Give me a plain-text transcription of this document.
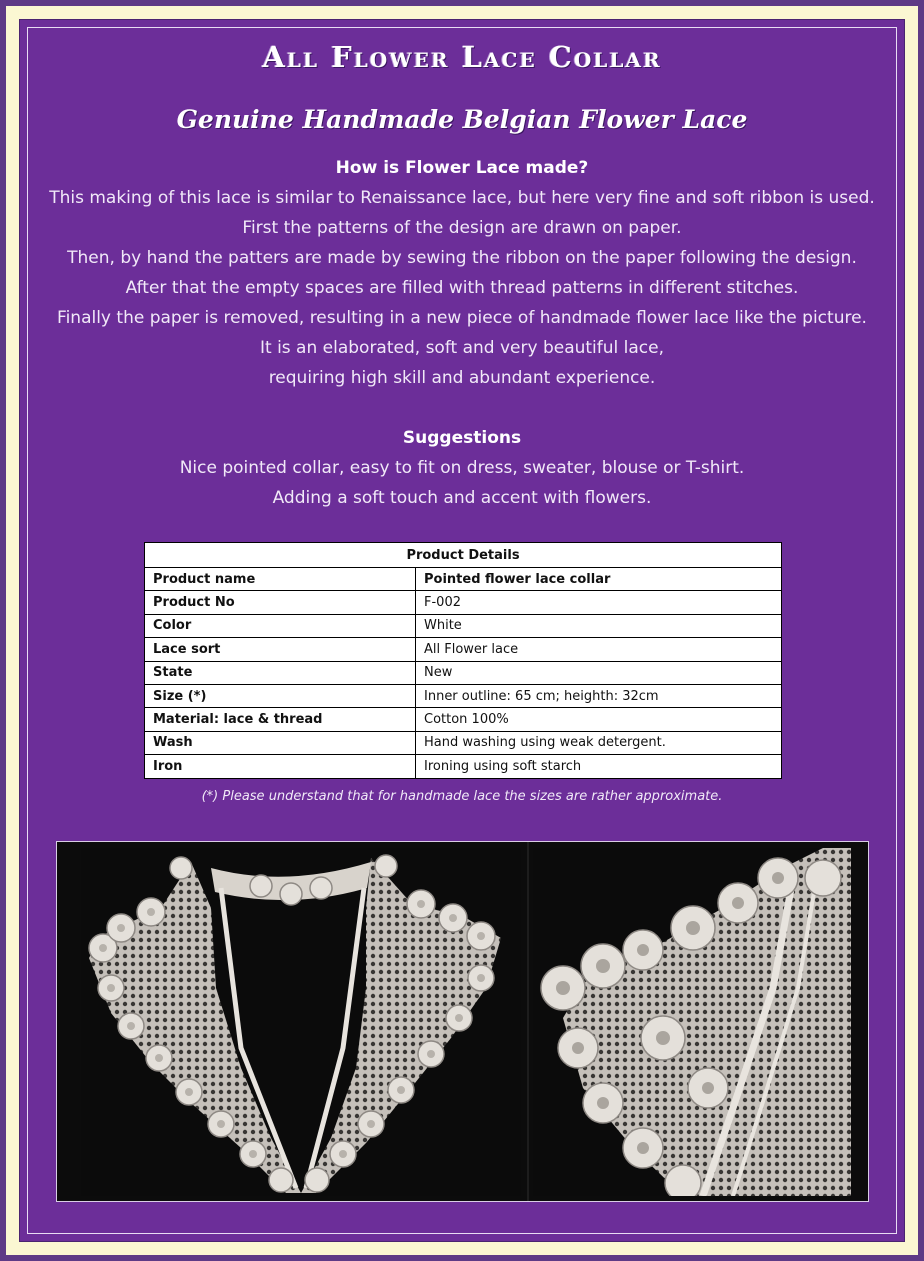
All Flower Lace Collar
Genuine Handmade Belgian Flower Lace
How is Flower Lace made?
This making of this lace is similar to Renaissance lace, but here very fine and soft ribbon is used.
First the patterns of the design are drawn on paper.
Then, by hand the patters are made by sewing the ribbon on the paper following the design.
After that the empty spaces are filled with thread patterns in different stitches.
Finally the paper is removed, resulting in a new piece of handmade flower lace like the picture.
It is an elaborated, soft and very beautiful lace,
requiring high skill and abundant experience.
Suggestions
Nice pointed collar, easy to fit on dress, sweater, blouse or T-shirt.
Adding a soft touch and accent with flowers.
Product Details	
Product name	Pointed flower lace collar
Product No	F-002
Color	White
Lace sort	All Flower lace
State	New
Size (*)	Inner outline: 65 cm; heighth: 32cm
Material: lace & thread	Cotton 100%
Wash	Hand washing using weak detergent.
Iron	Ironing using soft starch
(*) Please understand that for handmade lace the sizes are rather approximate.
